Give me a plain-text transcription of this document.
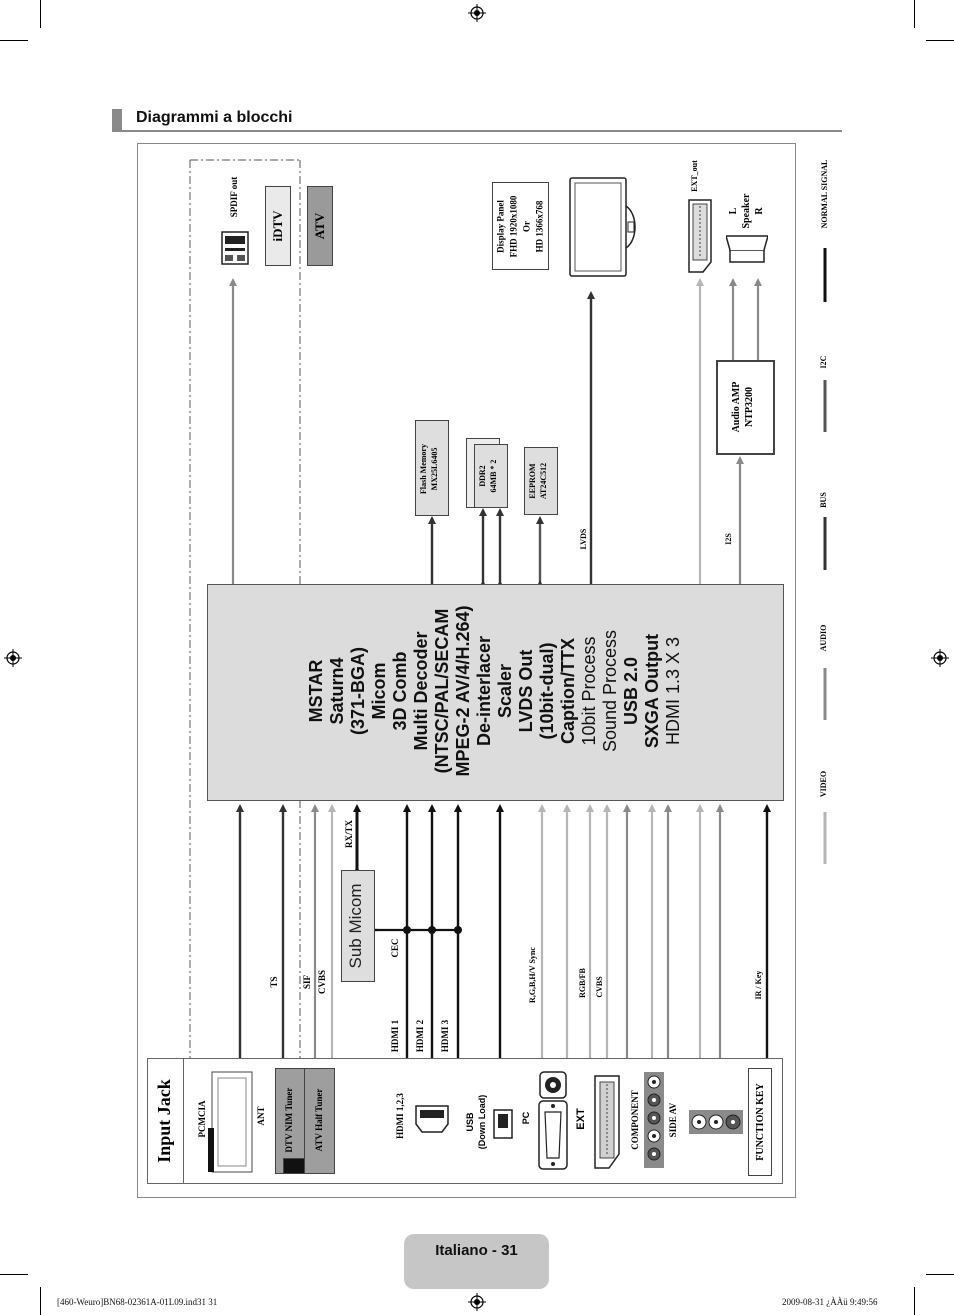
Diagrammi a blocchi
MSTAR Saturn4 (371-BGA) Micom 3D Comb Multi Decoder (NTSC/PAL/SECAM MPEG-2 AV/4/H.264) De-interlacer Scaler LVDS Out (10bit-dual) Caption/TTX 10bit Process Sound Process USB 2.0 SXGA Output HDMI 1.3 X 3
Sub Micom
TS	SIF CVBS
RX/TX
CEC
HDMI 1 HDMI 2 HDMI 3
R,G,B,H/V Sync	RGB/FB	CVBS	IR / Key
LVDS	I2S
SPDIF out
iDTV ATV
Flash Memory MX25L6405	DDR2 64MB * 2	EEPROM AT24C512
Display Panel FHD 1920x1080 Or HD 1366x768
EXT_out
L Speaker R
Audio AMP NTP3200
NORMAL SIGNAL
I2C
BUS
AUDIO
VIDEO
Input Jack	PCMCIA	ANT DTV NIM Tuner ATV Half Tuner	HDMI 1,2,3	USB (Down Load)	PC	EXT	COMPONENT	SIDE AV	FUNCTION KEY
Italiano - 31
[460-Weuro]BN68-02361A-01L09.ind31 31	2009-08-31 ¿ÀÀü 9:49:56
